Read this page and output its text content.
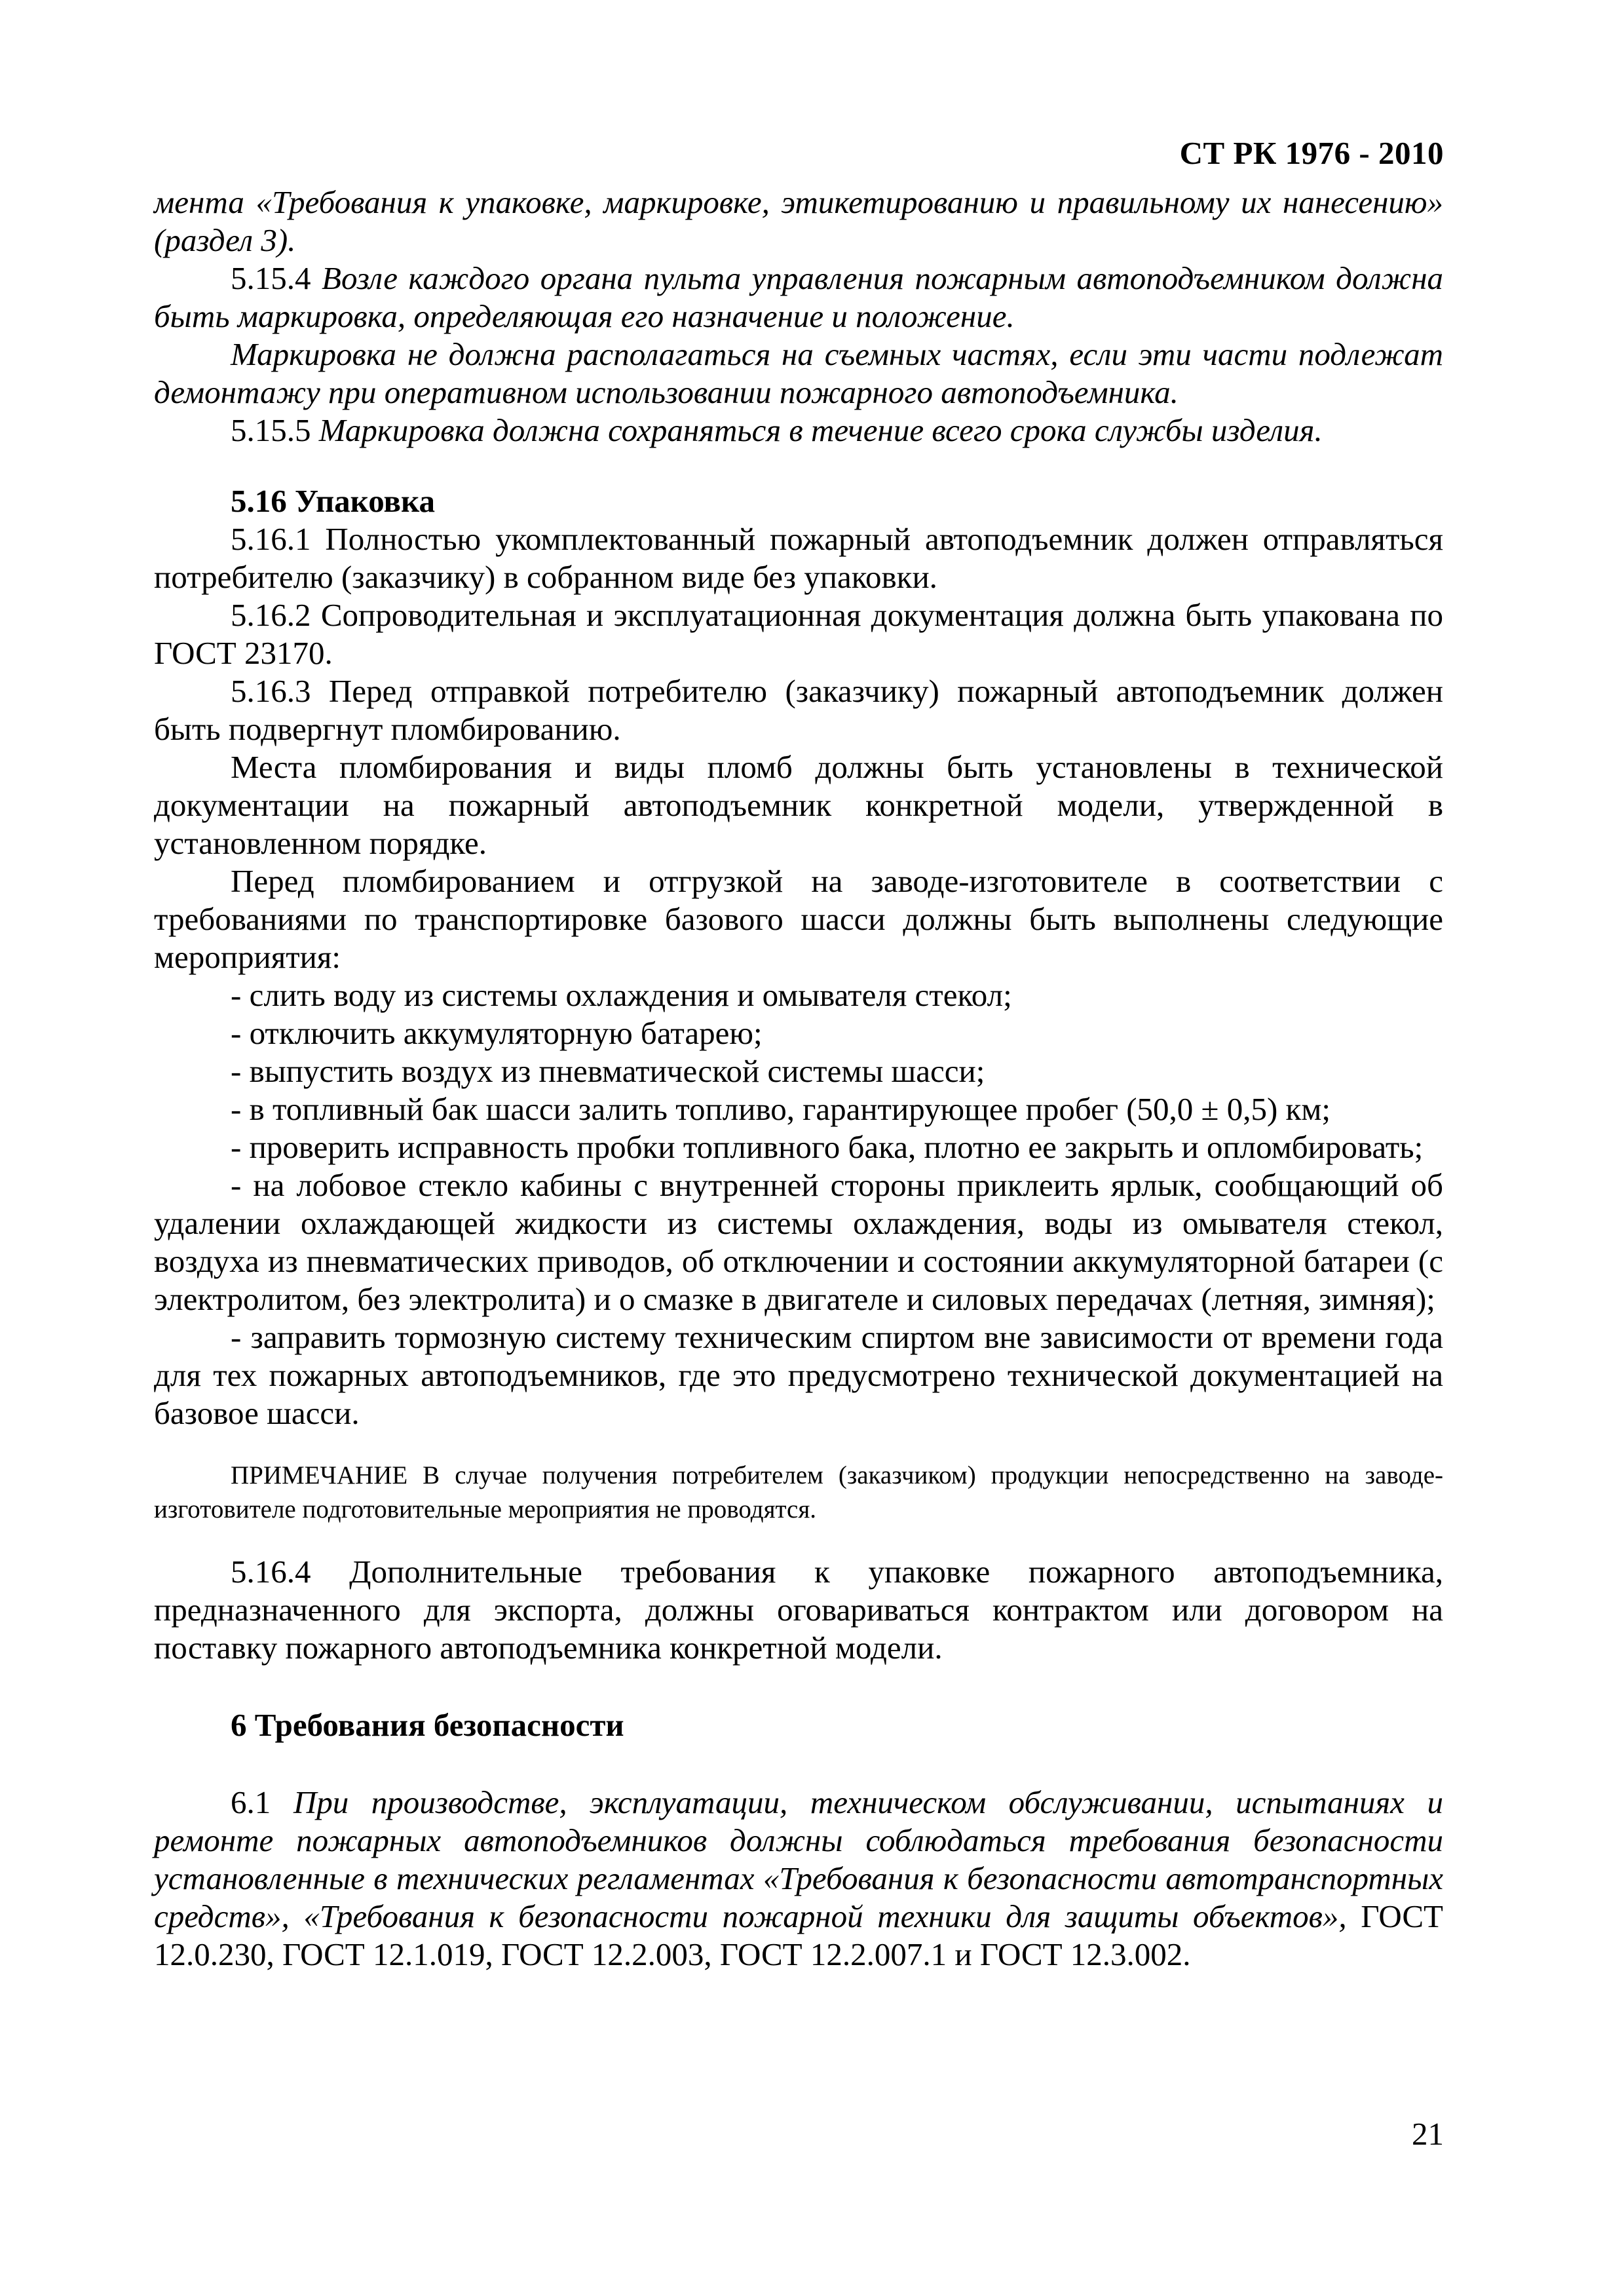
СТ РК 1976 - 2010

мента «Требования к упаковке, маркировке, этикетированию и правильному их нанесению» (раздел 3).

5.15.4 Возле каждого органа пульта управления пожарным автоподъемником должна быть маркировка, определяющая его назначение и положение.

Маркировка не должна располагаться на съемных частях, если эти части подлежат демонтажу при оперативном использовании пожарного автоподъемника.

5.15.5 Маркировка должна сохраняться в течение всего срока службы изделия.

5.16 Упаковка

5.16.1 Полностью укомплектованный пожарный автоподъемник должен отправляться потребителю (заказчику) в собранном виде без упаковки.

5.16.2 Сопроводительная и эксплуатационная документация должна быть упакована по ГОСТ 23170.

5.16.3 Перед отправкой потребителю (заказчику) пожарный автоподъемник должен быть подвергнут пломбированию.

Места пломбирования и виды пломб должны быть установлены в технической документации на пожарный автоподъемник конкретной модели, утвержденной в установленном порядке.

Перед пломбированием и отгрузкой на заводе-изготовителе в соответствии с требованиями по транспортировке базового шасси должны быть выполнены следующие мероприятия:

- слить воду из системы охлаждения и омывателя стекол;

- отключить аккумуляторную батарею;

- выпустить воздух из пневматической системы шасси;

- в топливный бак шасси залить топливо, гарантирующее пробег (50,0 ± 0,5) км;

- проверить исправность пробки топливного бака, плотно ее закрыть и опломбировать;

- на лобовое стекло кабины с внутренней стороны приклеить ярлык, сообщающий об удалении охлаждающей жидкости из системы охлаждения, воды из омывателя стекол, воздуха из пневматических приводов, об отключении и состоянии аккумуляторной батареи (с электролитом, без электролита) и о смазке в двигателе и силовых передачах (летняя, зимняя);

- заправить тормозную систему техническим спиртом вне зависимости от времени года для тех пожарных автоподъемников, где это предусмотрено технической документацией на базовое шасси.

ПРИМЕЧАНИЕ В случае получения потребителем (заказчиком) продукции непосредственно на заводе-изготовителе подготовительные мероприятия не проводятся.

5.16.4 Дополнительные требования к упаковке пожарного автоподъемника, предназначенного для экспорта, должны оговариваться контрактом или договором на поставку пожарного автоподъемника конкретной модели.

6 Требования безопасности

6.1 При производстве, эксплуатации, техническом обслуживании, испытаниях и ремонте пожарных автоподъемников должны соблюдаться требования безопасности установленные в технических регламентах «Требования к безопасности автотранспортных средств», «Требования к безопасности пожарной техники для защиты объектов», ГОСТ 12.0.230, ГОСТ 12.1.019, ГОСТ 12.2.003, ГОСТ 12.2.007.1 и ГОСТ 12.3.002.

21
